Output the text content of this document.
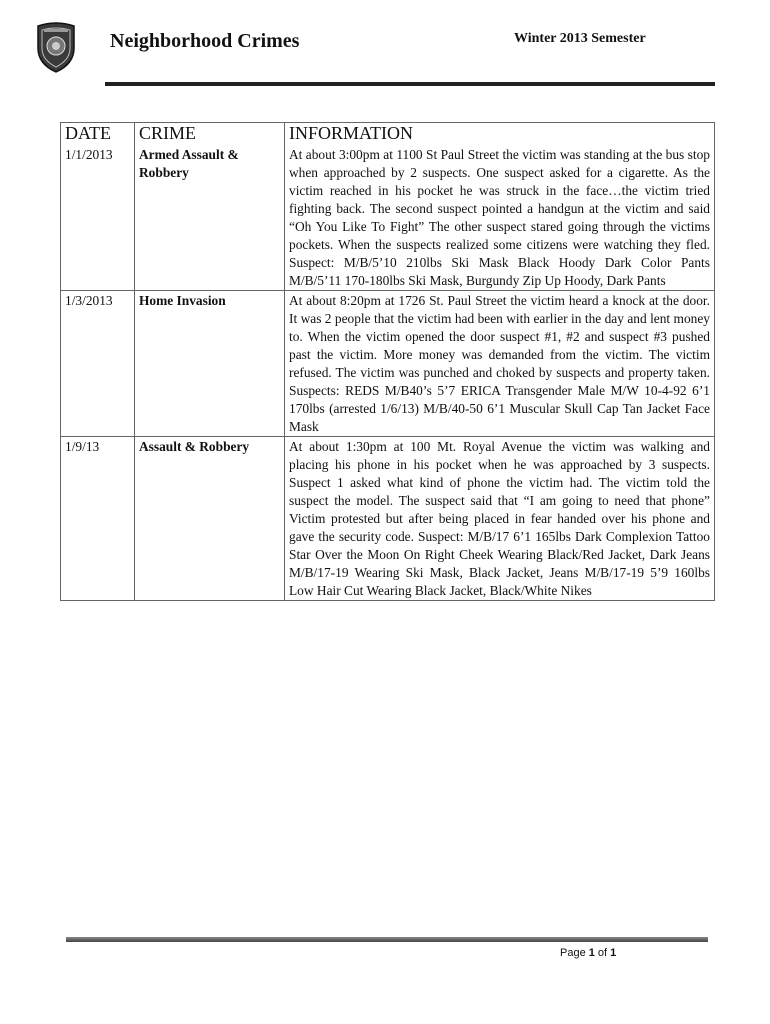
Neighborhood Crimes	Winter 2013 Semester
DATE	CRIME	INFORMATION
1/1/2013	Armed Assault & Robbery	At about 3:00pm at 1100 St Paul Street the victim was standing at the bus stop when approached by 2 suspects. One suspect asked for a cigarette. As the victim reached in his pocket he was struck in the face…the victim tried fighting back. The second suspect pointed a handgun at the victim and said “Oh You Like To Fight” The other suspect stared going through the victims pockets. When the suspects realized some citizens were watching they fled. Suspect: M/B/5’10 210lbs Ski Mask Black Hoody Dark Color Pants M/B/5’11 170-180lbs Ski Mask, Burgundy Zip Up Hoody, Dark Pants
1/3/2013	Home Invasion	At about 8:20pm at 1726 St. Paul Street the victim heard a knock at the door. It was 2 people that the victim had been with earlier in the day and lent money to. When the victim opened the door suspect #1, #2 and suspect #3 pushed past the victim. More money was demanded from the victim. The victim refused. The victim was punched and choked by suspects and property taken. Suspects: REDS M/B40’s 5’7 ERICA Transgender Male M/W 10-4-92 6’1 170lbs (arrested 1/6/13) M/B/40-50 6’1 Muscular Skull Cap Tan Jacket Face Mask
1/9/13	Assault & Robbery	At about 1:30pm at 100 Mt. Royal Avenue the victim was walking and placing his phone in his pocket when he was approached by 3 suspects. Suspect 1 asked what kind of phone the victim had. The victim told the suspect the model. The suspect said that “I am going to need that phone” Victim protested but after being placed in fear handed over his phone and gave the security code. Suspect: M/B/17 6’1 165lbs Dark Complexion Tattoo Star Over the Moon On Right Cheek Wearing Black/Red Jacket, Dark Jeans M/B/17-19 Wearing Ski Mask, Black Jacket, Jeans M/B/17-19 5’9 160lbs Low Hair Cut Wearing Black Jacket, Black/White Nikes
Page 1 of 1
